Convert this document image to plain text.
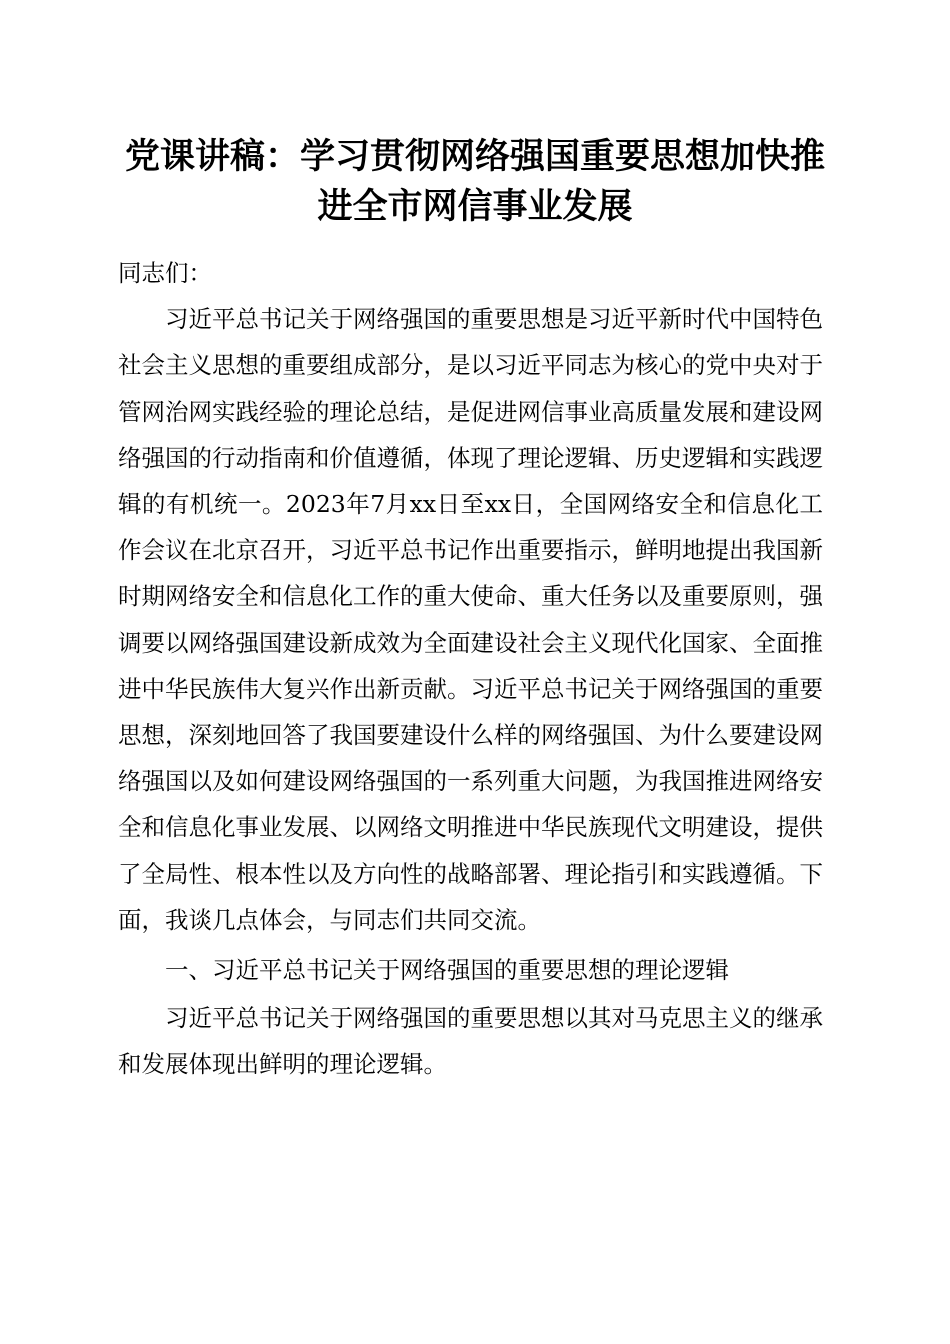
党课讲稿：学习贯彻网络强国重要思想加快推
进全市网信事业发展

同志们：

习近平总书记关于网络强国的重要思想是习近平新时代中国特色社会主义思想的重要组成部分，是以习近平同志为核心的党中央对于管网治网实践经验的理论总结，是促进网信事业高质量发展和建设网络强国的行动指南和价值遵循，体现了理论逻辑、历史逻辑和实践逻辑的有机统一。2023年7月xx日至xx日，全国网络安全和信息化工作会议在北京召开，习近平总书记作出重要指示，鲜明地提出我国新时期网络安全和信息化工作的重大使命、重大任务以及重要原则，强调要以网络强国建设新成效为全面建设社会主义现代化国家、全面推进中华民族伟大复兴作出新贡献。习近平总书记关于网络强国的重要思想，深刻地回答了我国要建设什么样的网络强国、为什么要建设网络强国以及如何建设网络强国的一系列重大问题，为我国推进网络安全和信息化事业发展、以网络文明推进中华民族现代文明建设，提供了全局性、根本性以及方向性的战略部署、理论指引和实践遵循。下面，我谈几点体会，与同志们共同交流。

一、习近平总书记关于网络强国的重要思想的理论逻辑

习近平总书记关于网络强国的重要思想以其对马克思主义的继承和发展体现出鲜明的理论逻辑。
